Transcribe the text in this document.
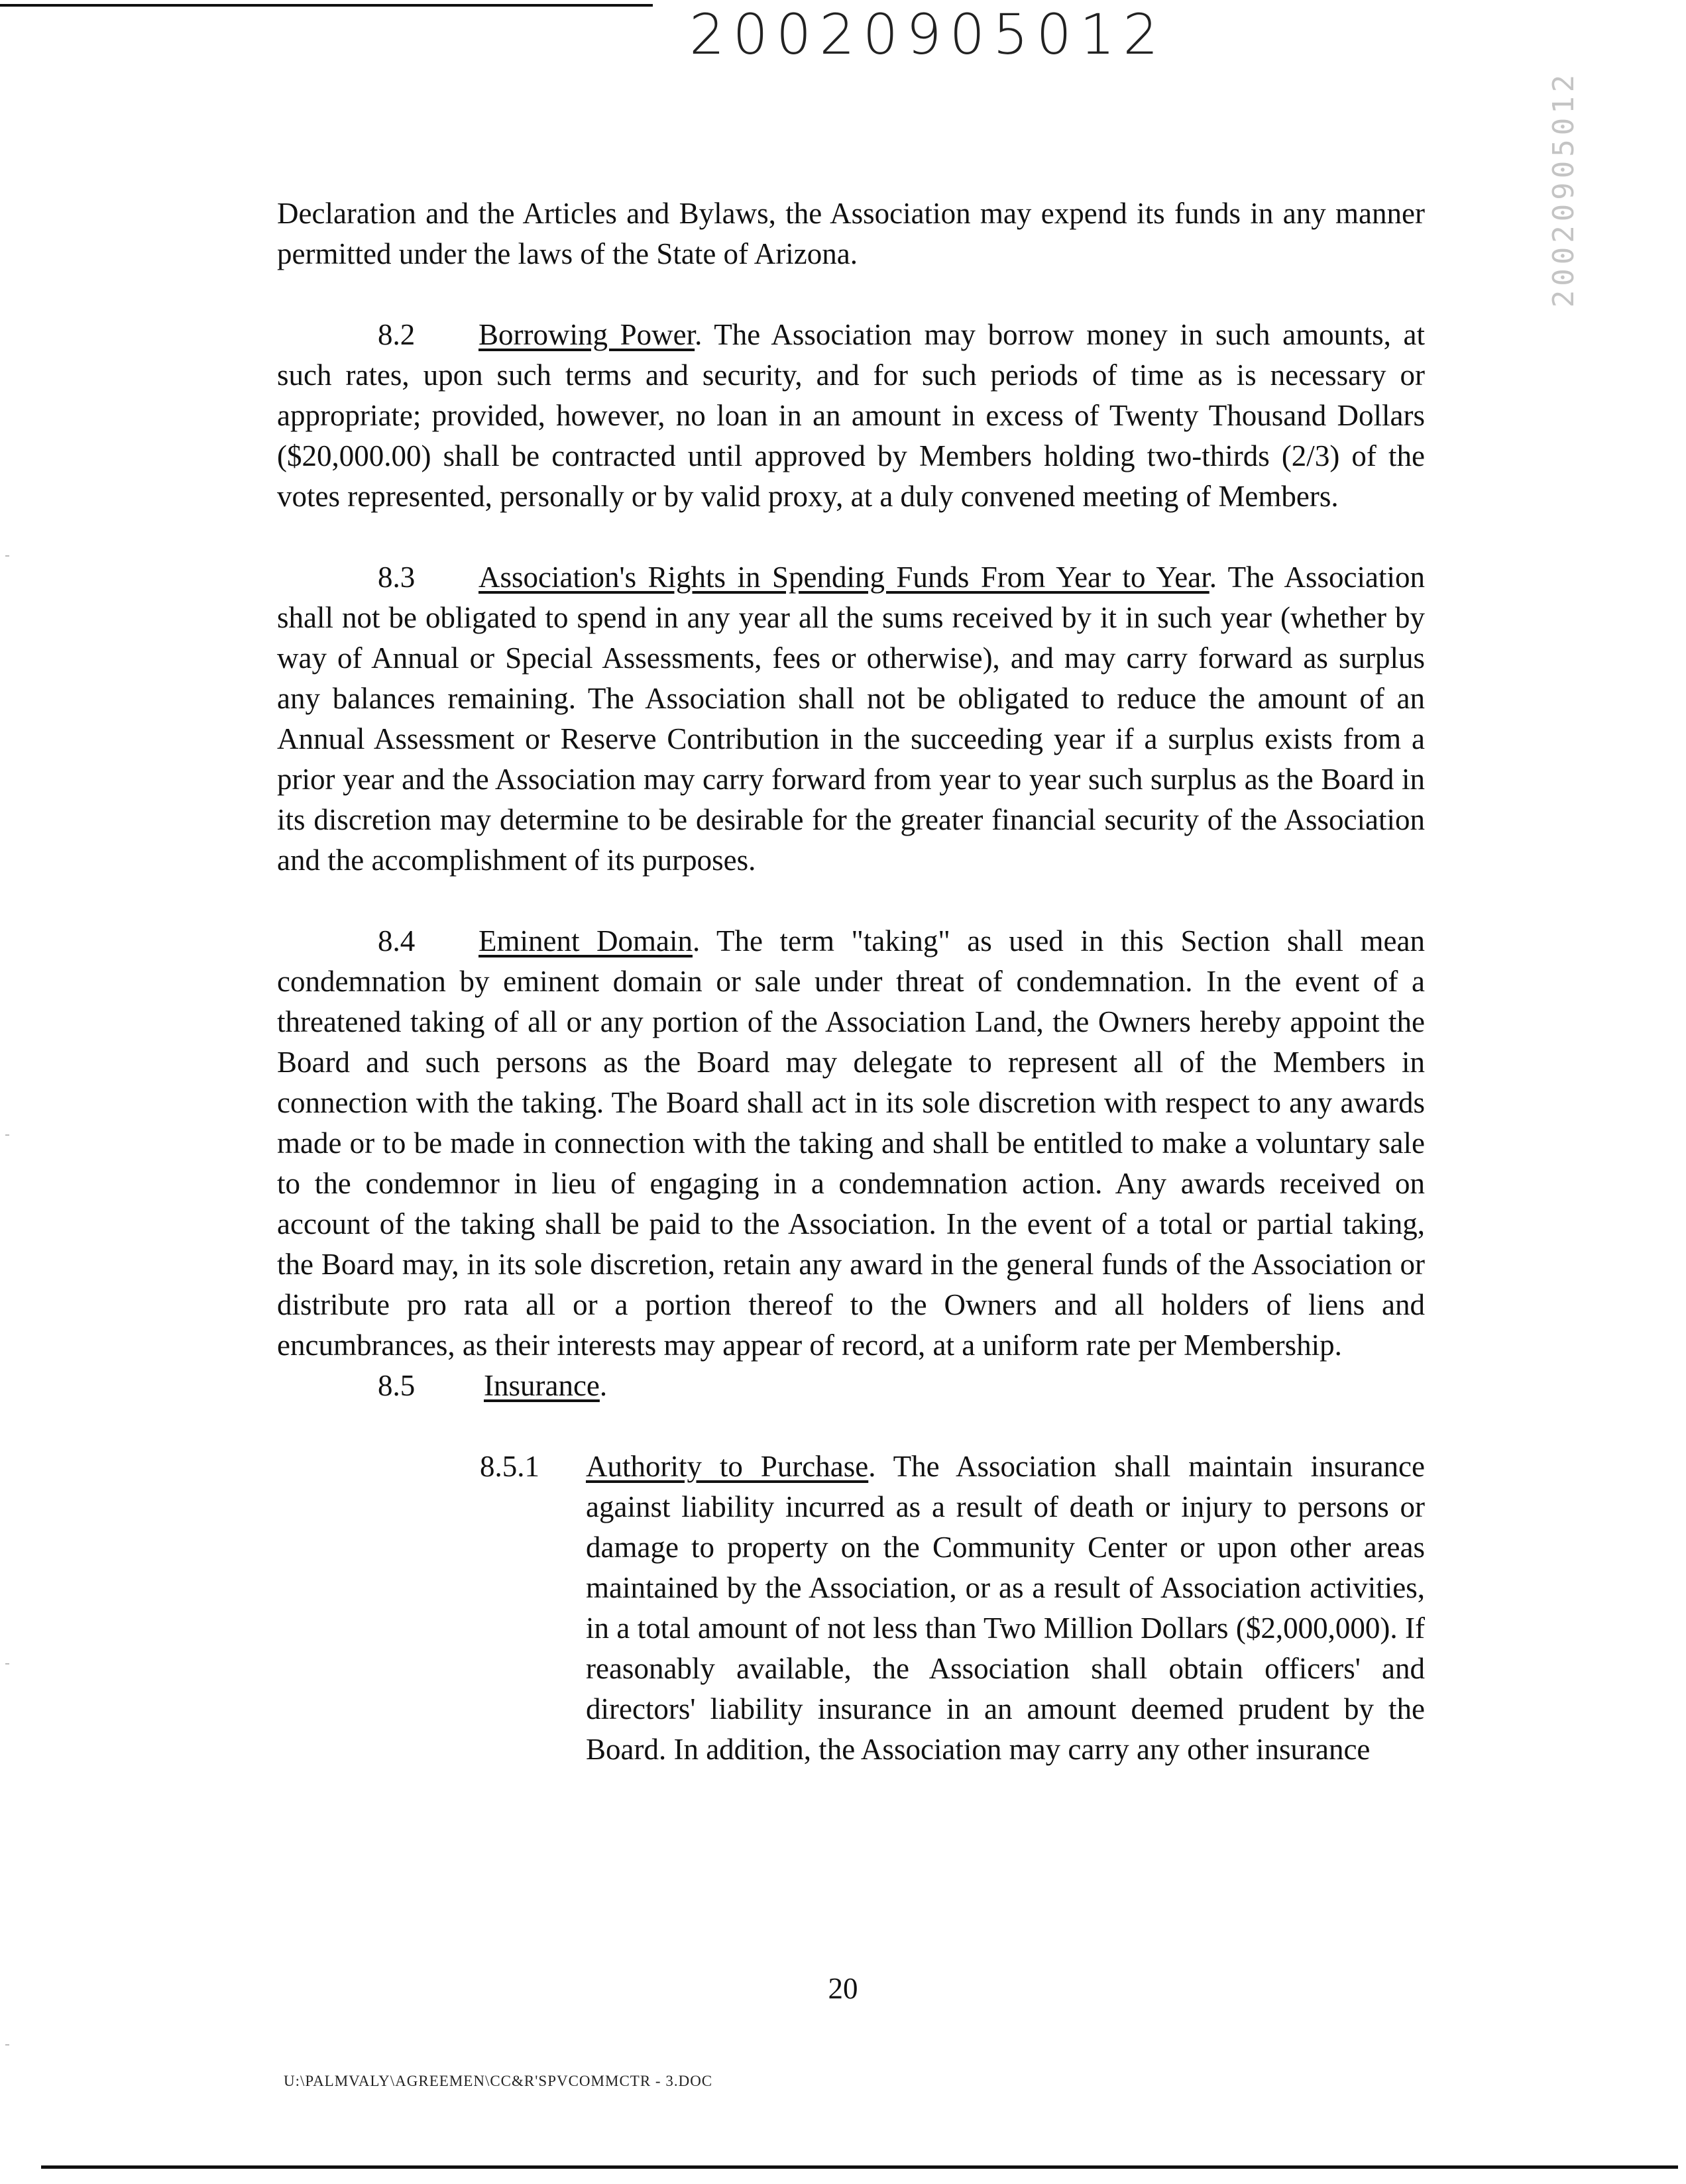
20020905012
20020905012

Declaration and the Articles and Bylaws, the Association may expend its funds in any manner permitted under the laws of the State of Arizona.

8.2 Borrowing Power. The Association may borrow money in such amounts, at such rates, upon such terms and security, and for such periods of time as is necessary or appropriate; provided, however, no loan in an amount in excess of Twenty Thousand Dollars ($20,000.00) shall be contracted until approved by Members holding two-thirds (2/3) of the votes represented, personally or by valid proxy, at a duly convened meeting of Members.

8.3 Association's Rights in Spending Funds From Year to Year. The Association shall not be obligated to spend in any year all the sums received by it in such year (whether by way of Annual or Special Assessments, fees or otherwise), and may carry forward as surplus any balances remaining. The Association shall not be obligated to reduce the amount of an Annual Assessment or Reserve Contribution in the succeeding year if a surplus exists from a prior year and the Association may carry forward from year to year such surplus as the Board in its discretion may determine to be desirable for the greater financial security of the Association and the accomplishment of its purposes.

8.4 Eminent Domain. The term "taking" as used in this Section shall mean condemnation by eminent domain or sale under threat of condemnation. In the event of a threatened taking of all or any portion of the Association Land, the Owners hereby appoint the Board and such persons as the Board may delegate to represent all of the Members in connection with the taking. The Board shall act in its sole discretion with respect to any awards made or to be made in connection with the taking and shall be entitled to make a voluntary sale to the condemnor in lieu of engaging in a condemnation action. Any awards received on account of the taking shall be paid to the Association. In the event of a total or partial taking, the Board may, in its sole discretion, retain any award in the general funds of the Association or distribute pro rata all or a portion thereof to the Owners and all holders of liens and encumbrances, as their interests may appear of record, at a uniform rate per Membership.

8.5 Insurance.

8.5.1	Authority to Purchase. The Association shall maintain insurance against liability incurred as a result of death or injury to persons or damage to property on the Community Center or upon other areas maintained by the Association, or as a result of Association activities, in a total amount of not less than Two Million Dollars ($2,000,000). If reasonably available, the Association shall obtain officers' and directors' liability insurance in an amount deemed prudent by the Board. In addition, the Association may carry any other insurance
20
U:\PALMVALY\AGREEMEN\CC&R'SPVCOMMCTR - 3.DOC
